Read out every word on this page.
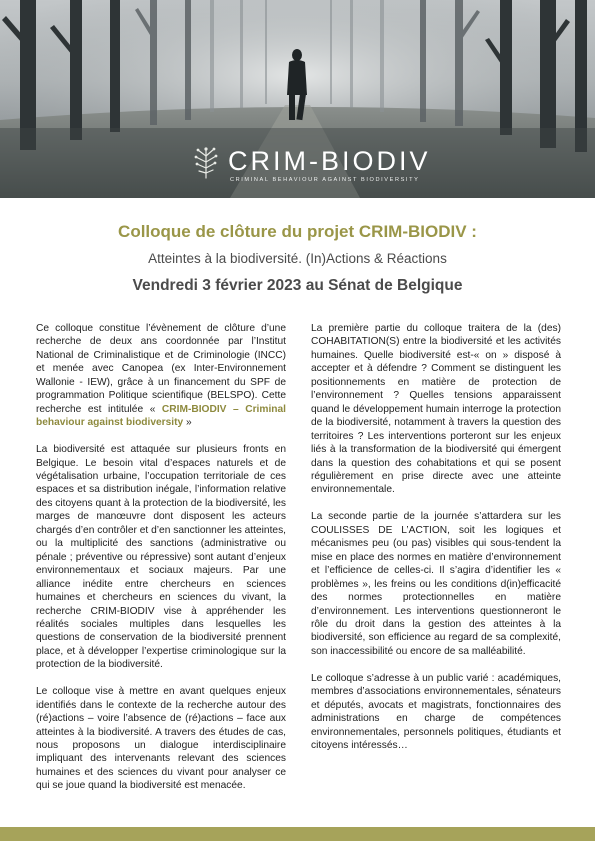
CRIM-BIODIV
CRIMINAL BEHAVIOUR AGAINST BIODIVERSITY
Colloque de clôture du projet CRIM-BIODIV :
Atteintes à la biodiversité. (In)Actions & Réactions
Vendredi 3 février 2023 au Sénat de Belgique

Ce colloque constitue l’évènement de clôture d’une recherche de deux ans coordonnée par l’Institut National de Criminalistique et de Criminologie (INCC) et menée avec Canopea (ex Inter-Environnement Wallonie - IEW), grâce à un financement du SPF de programmation Politique scientifique (BELSPO). Cette recherche est intitulée « CRIM-BIODIV – Criminal behaviour against biodiversity »

La biodiversité est attaquée sur plusieurs fronts en Belgique. Le besoin vital d’espaces naturels et de végétalisation urbaine, l’occupation territoriale de ces espaces et sa distribution inégale, l’information relative des citoyens quant à la protection de la biodiversité, les marges de manœuvre dont disposent les acteurs chargés d’en contrôler et d’en sanctionner les atteintes, ou la multiplicité des sanctions (administrative ou pénale ; préventive ou répressive) sont autant d’enjeux environnementaux et sociaux majeurs. Par une alliance inédite entre chercheurs en sciences humaines et chercheurs en sciences du vivant, la recherche CRIM-BIODIV vise à appréhender les réalités sociales multiples dans lesquelles les questions de conservation de la biodiversité prennent place, et à développer l’expertise criminologique sur la protection de la biodiversité.

Le colloque vise à mettre en avant quelques enjeux identifiés dans le contexte de la recherche autour des (ré)actions – voire l’absence de (ré)actions – face aux atteintes à la biodiversité. A travers des études de cas, nous proposons un dialogue interdisciplinaire impliquant des intervenants relevant des sciences humaines et des sciences du vivant pour analyser ce qui se joue quand la biodiversité est menacée.

La première partie du colloque traitera de la (des) COHABITATION(S) entre la biodiversité et les activités humaines. Quelle biodiversité est-« on » disposé à accepter et à défendre ? Comment se distinguent les positionnements en matière de protection de l’environnement ? Quelles tensions apparaissent quand le développement humain interroge la protection de la biodiversité, notamment à travers la question des territoires ? Les interventions porteront sur les enjeux liés à la transformation de la biodiversité qui émergent dans la question des cohabitations et qui se posent régulièrement en prise directe avec une atteinte environnementale.

La seconde partie de la journée s’attardera sur les COULISSES DE L’ACTION, soit les logiques et mécanismes peu (ou pas) visibles qui sous-tendent la mise en place des normes en matière d’environnement et l’efficience de celles-ci. Il s’agira d’identifier les « problèmes », les freins ou les conditions d(in)efficacité des normes protectionnelles en matière d’environnement. Les interventions questionneront le rôle du droit dans la gestion des atteintes à la biodiversité, son efficience au regard de sa complexité, son inaccessibilité ou encore de sa malléabilité.

Le colloque s’adresse à un public varié : académiques, membres d’associations environnementales, sénateurs et députés, avocats et magistrats, fonctionnaires des administrations en charge de compétences environnementales, personnels politiques, étudiants et citoyens intéressés…
